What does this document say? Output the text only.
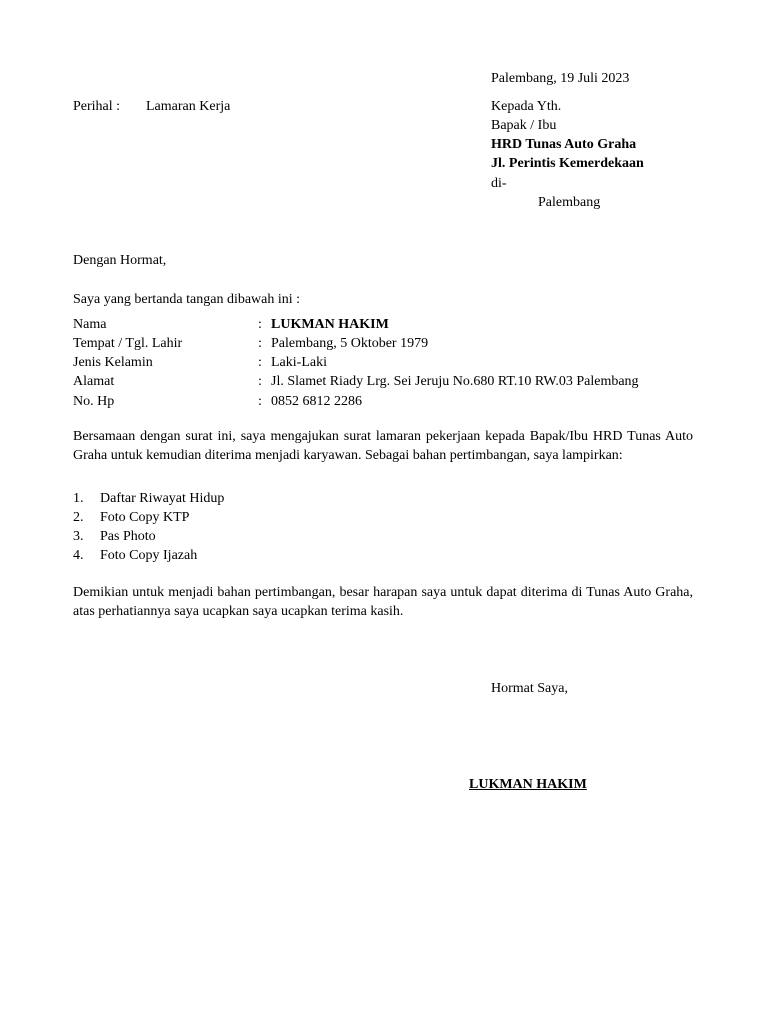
Palembang, 19 Juli 2023
Perihal : Lamaran Kerja	Kepada Yth.
Bapak / Ibu
HRD Tunas Auto Graha
Jl. Perintis Kemerdekaan
di-
Palembang
Dengan Hormat,
Saya yang bertanda tangan dibawah ini :
Nama	: LUKMAN HAKIM
Tempat / Tgl. Lahir	: Palembang, 5 Oktober 1979
Jenis Kelamin	: Laki-Laki
Alamat	: Jl. Slamet Riady Lrg. Sei Jeruju No.680 RT.10 RW.03 Palembang
No. Hp	: 0852 6812 2286
Bersamaan dengan surat ini, saya mengajukan surat lamaran pekerjaan kepada Bapak/Ibu HRD Tunas Auto Graha untuk kemudian diterima menjadi karyawan. Sebagai bahan pertimbangan, saya lampirkan:
1. Daftar Riwayat Hidup
2. Foto Copy KTP
3. Pas Photo
4. Foto Copy Ijazah
Demikian untuk menjadi bahan pertimbangan, besar harapan saya untuk dapat diterima di Tunas Auto Graha, atas perhatiannya saya ucapkan saya ucapkan terima kasih.
Hormat Saya,
LUKMAN HAKIM
